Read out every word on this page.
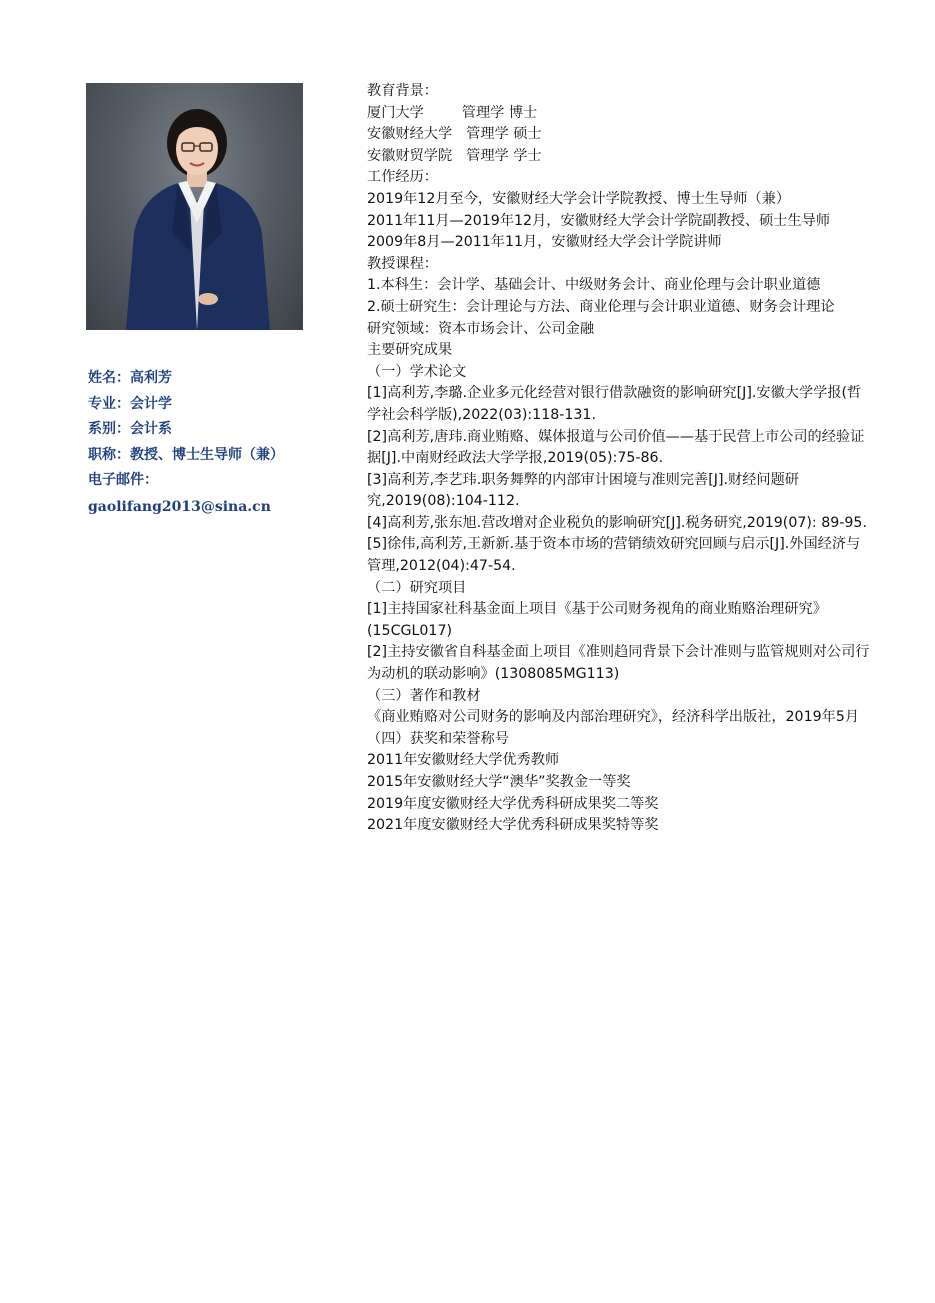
姓名：高利芳
专业：会计学
系别：会计系
职称：教授、博士生导师（兼）
电子邮件：
gaolifang2013@sina.cn
教育背景：
厦门大学	管理学 博士
安徽财经大学 管理学 硕士
安徽财贸学院 管理学 学士
工作经历：
2019年12月至今，安徽财经大学会计学院教授、博士生导师（兼）
2011年11月—2019年12月，安徽财经大学会计学院副教授、硕士生导师
2009年8月—2011年11月，安徽财经大学会计学院讲师
教授课程：
1.本科生：会计学、基础会计、中级财务会计、商业伦理与会计职业道德
2.硕士研究生：会计理论与方法、商业伦理与会计职业道德、财务会计理论
研究领域：资本市场会计、公司金融
主要研究成果
（一）学术论文
[1]高利芳,李璐.企业多元化经营对银行借款融资的影响研究[J].安徽大学学报(哲学社会科学版),2022(03):118-131.
[2]高利芳,唐玮.商业贿赂、媒体报道与公司价值——基于民营上市公司的经验证据[J].中南财经政法大学学报,2019(05):75-86.
[3]高利芳,李艺玮.职务舞弊的内部审计困境与准则完善[J].财经问题研究,2019(08):104-112.
[4]高利芳,张东旭.营改增对企业税负的影响研究[J].税务研究,2019(07): 89-95.
[5]徐伟,高利芳,王新新.基于资本市场的营销绩效研究回顾与启示[J].外国经济与管理,2012(04):47-54.
（二）研究项目
[1]主持国家社科基金面上项目《基于公司财务视角的商业贿赂治理研究》(15CGL017)
[2]主持安徽省自科基金面上项目《准则趋同背景下会计准则与监管规则对公司行为动机的联动影响》(1308085MG113)
（三）著作和教材
《商业贿赂对公司财务的影响及内部治理研究》，经济科学出版社，2019年5月
（四）获奖和荣誉称号
2011年安徽财经大学优秀教师
2015年安徽财经大学“澳华”奖教金一等奖
2019年度安徽财经大学优秀科研成果奖二等奖
2021年度安徽财经大学优秀科研成果奖特等奖
